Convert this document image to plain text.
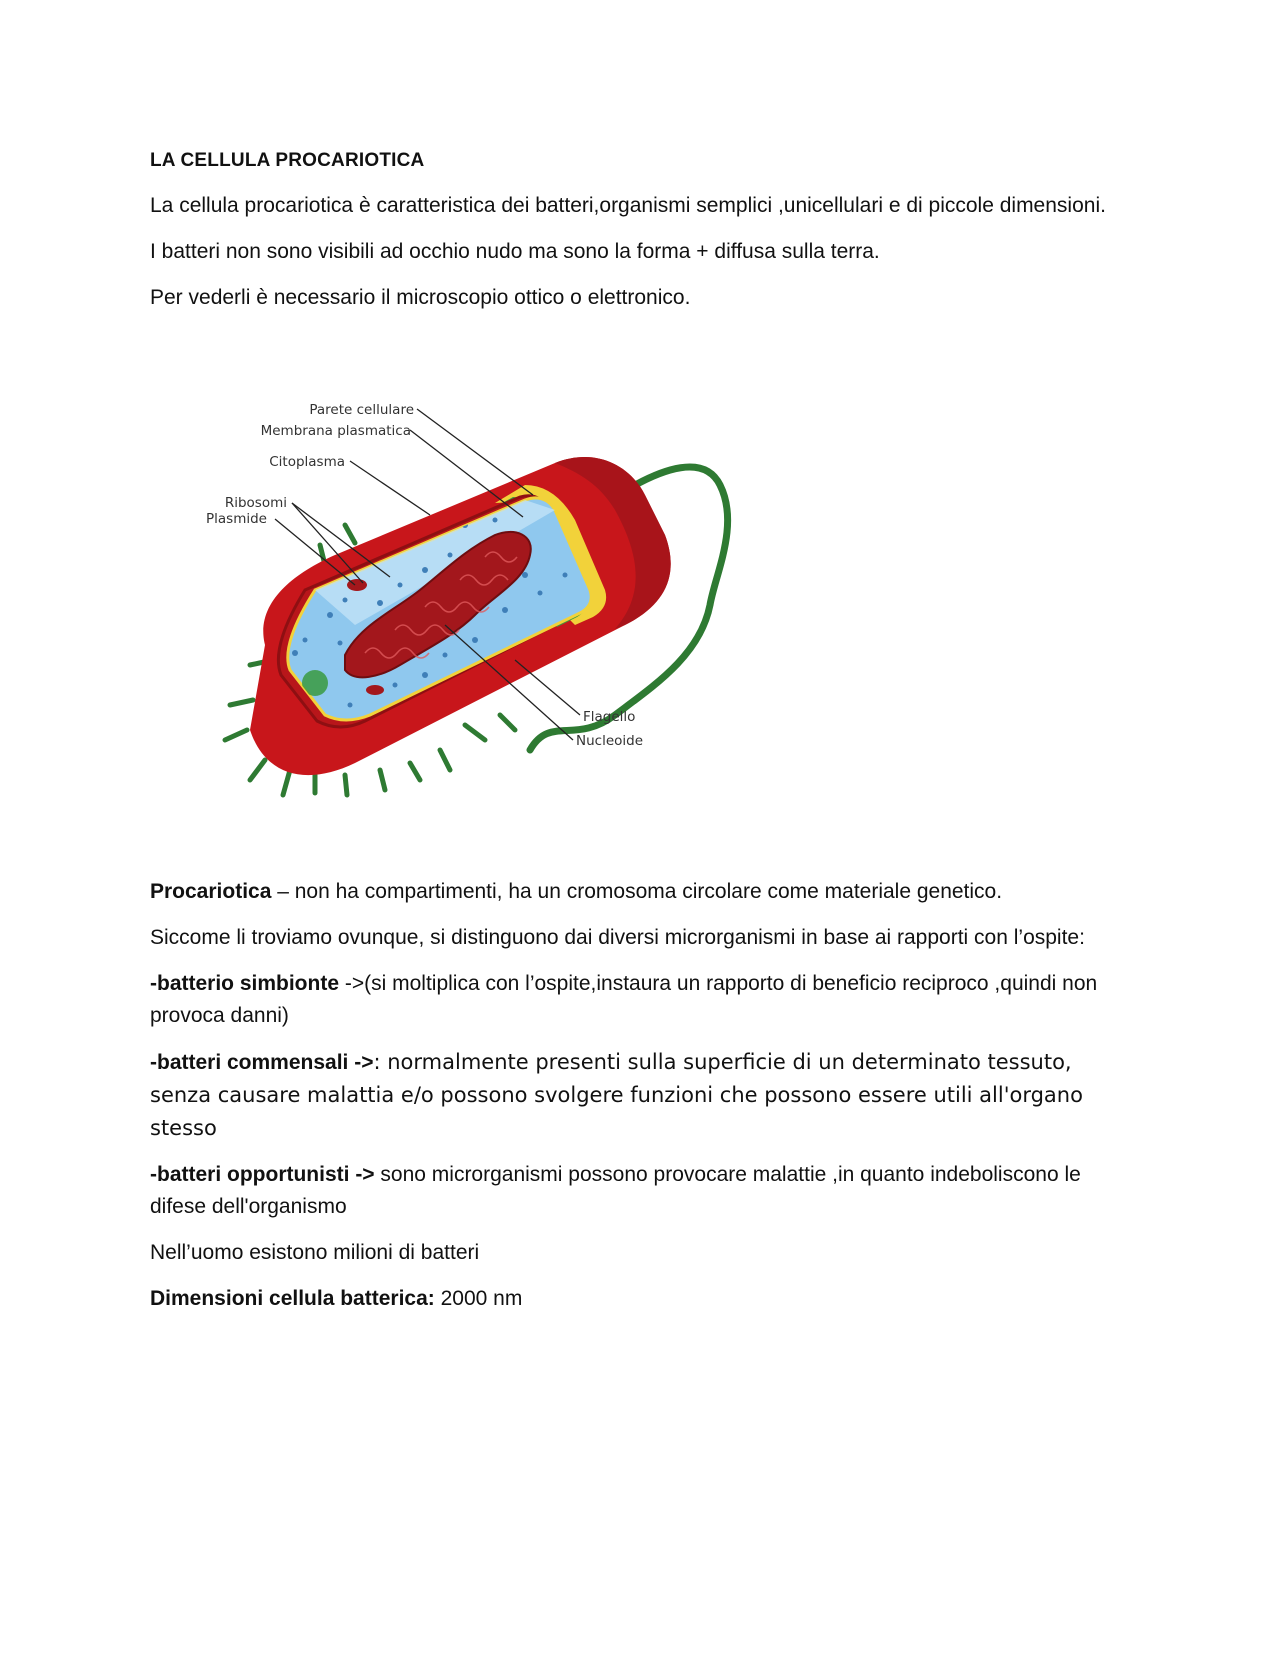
LA CELLULA PROCARIOTICA

La cellula procariotica è caratteristica dei batteri,organismi semplici ,unicellulari e di piccole dimensioni.

I batteri non sono visibili ad occhio nudo ma sono la forma + diffusa sulla terra.

Per vederli è necessario il microscopio ottico o elettronico.

Parete cellulare
Membrana plasmatica
Citoplasma
Ribosomi
Plasmide
Flagello
Nucleoide

Procariotica – non ha compartimenti, ha un cromosoma circolare come materiale genetico.

Siccome li troviamo ovunque, si distinguono dai diversi microrganismi in base ai rapporti con l’ospite:

-batterio simbionte ->(si moltiplica con l’ospite,instaura un rapporto di beneficio reciproco ,quindi non provoca danni)

-batteri commensali ->: normalmente presenti sulla superficie di un determinato tessuto, senza causare malattia e/o possono svolgere funzioni che possono essere utili all'organo stesso

-batteri opportunisti -> sono microrganismi possono provocare malattie ,in quanto indeboliscono le difese dell'organismo

Nell’uomo esistono milioni di batteri

Dimensioni cellula batterica: 2000 nm
